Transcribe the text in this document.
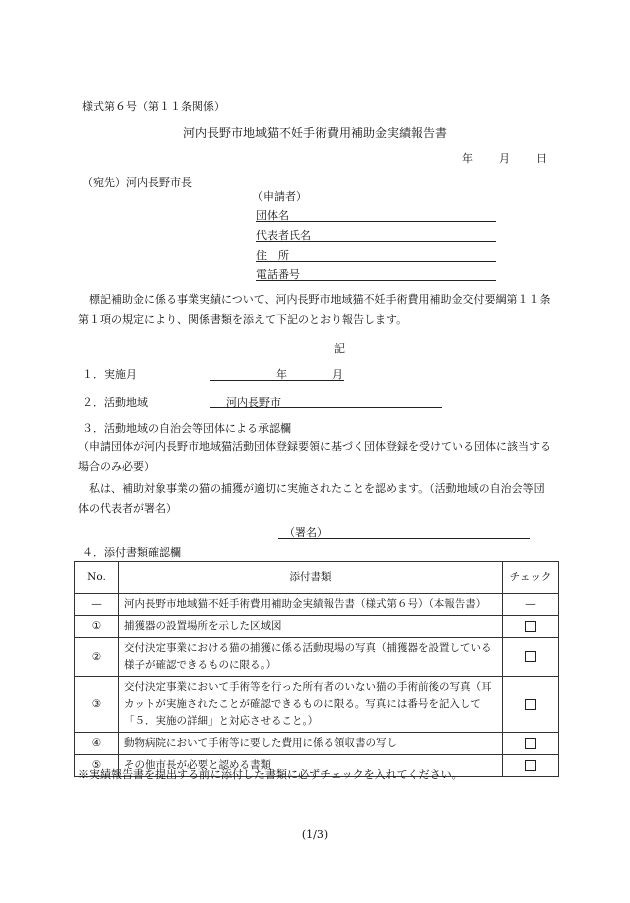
様式第６号（第１１条関係）
河内長野市地域猫不妊手術費用補助金実績報告書
年 月 日
（宛先）河内長野市長
（申請者）
団体名
代表者氏名
住　所
電話番号
　標記補助金に係る事業実績について、河内長野市地域猫不妊手術費用補助金交付要綱第１１条第１項の規定により、関係書類を添えて下記のとおり報告します。
記
１．実施月	年	月
２．活動地域	河内長野市
３．活動地域の自治会等団体による承認欄
（申請団体が河内長野市地域猫活動団体登録要領に基づく団体登録を受けている団体に該当する場合のみ必要）
　私は、補助対象事業の猫の捕獲が適切に実施されたことを認めます。（活動地域の自治会等団体の代表者が署名）
（署名）
４．添付書類確認欄
No.	添付書類	チェック
—	河内長野市地域猫不妊手術費用補助金実績報告書（様式第６号）（本報告書）	—
①	捕獲器の設置場所を示した区域図	
②	交付決定事業における猫の捕獲に係る活動現場の写真（捕獲器を設置している様子が確認できるものに限る。）	
③	交付決定事業において手術等を行った所有者のいない猫の手術前後の写真（耳カットが実施されたことが確認できるものに限る。写真には番号を記入して「５．実施の詳細」と対応させること。）	
④	動物病院において手術等に要した費用に係る領収書の写し	
⑤	その他市長が必要と認める書類	
※実績報告書を提出する前に添付した書類に必ずチェックを入れてください。
(1/3)
